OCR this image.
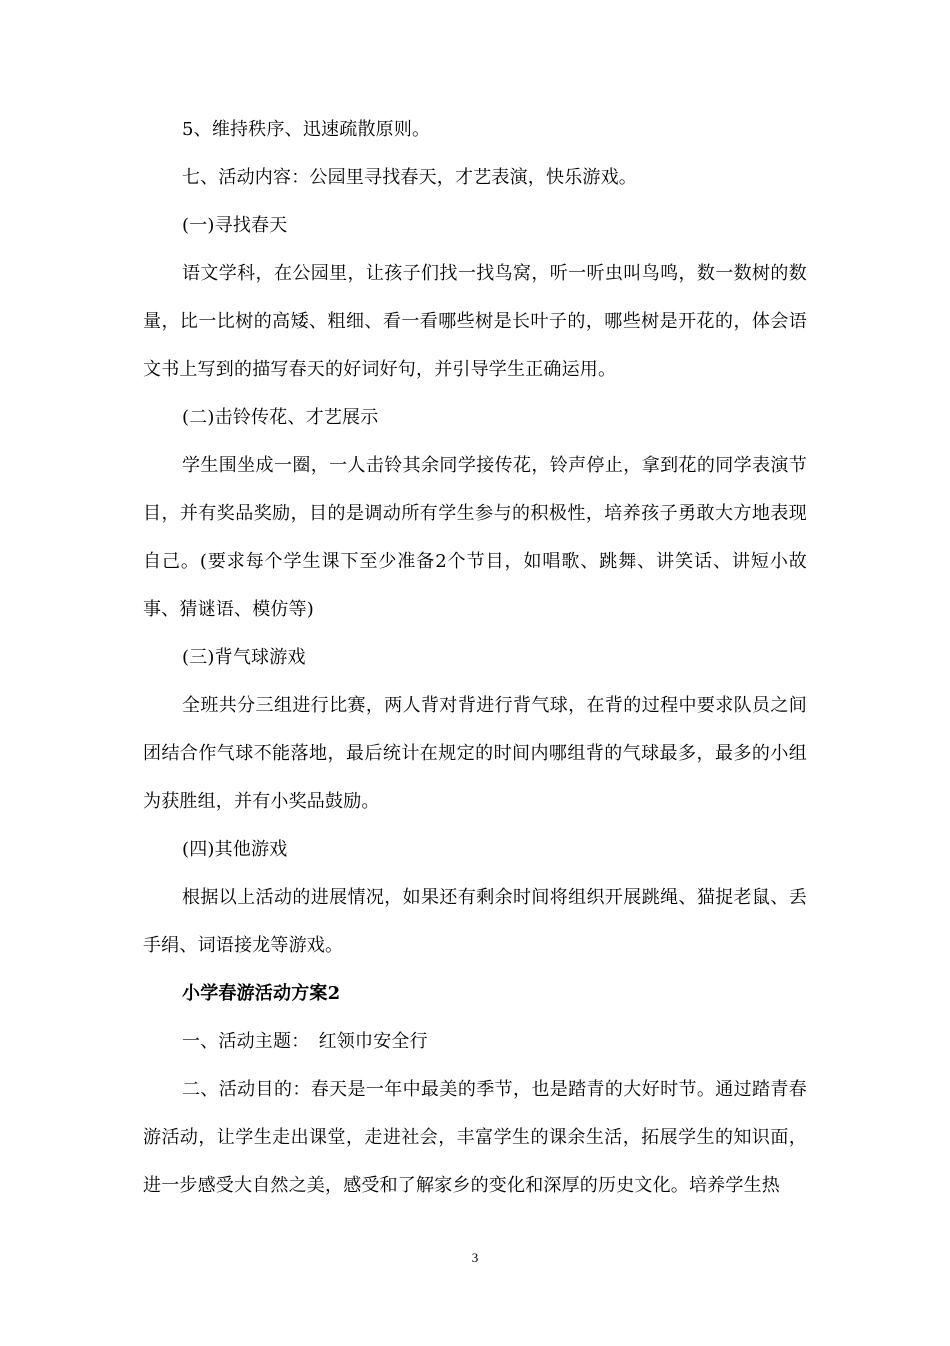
5、维持秩序、迅速疏散原则。

七、活动内容：公园里寻找春天，才艺表演，快乐游戏。

(一)寻找春天

语文学科，在公园里，让孩子们找一找鸟窝，听一听虫叫鸟鸣，数一数树的数量，比一比树的高矮、粗细、看一看哪些树是长叶子的，哪些树是开花的，体会语文书上写到的描写春天的好词好句，并引导学生正确运用。

(二)击铃传花、才艺展示

学生围坐成一圈，一人击铃其余同学接传花，铃声停止，拿到花的同学表演节目，并有奖品奖励，目的是调动所有学生参与的积极性，培养孩子勇敢大方地表现自己。(要求每个学生课下至少准备2个节目，如唱歌、跳舞、讲笑话、讲短小故事、猜谜语、模仿等)

(三)背气球游戏

全班共分三组进行比赛，两人背对背进行背气球，在背的过程中要求队员之间团结合作气球不能落地，最后统计在规定的时间内哪组背的气球最多，最多的小组为获胜组，并有小奖品鼓励。

(四)其他游戏

根据以上活动的进展情况，如果还有剩余时间将组织开展跳绳、猫捉老鼠、丢手绢、词语接龙等游戏。

小学春游活动方案2

一、活动主题：　红领巾安全行

二、活动目的：春天是一年中最美的季节，也是踏青的大好时节。通过踏青春游活动，让学生走出课堂，走进社会，丰富学生的课余生活，拓展学生的知识面，进一步感受大自然之美，感受和了解家乡的变化和深厚的历史文化。培养学生热

3
